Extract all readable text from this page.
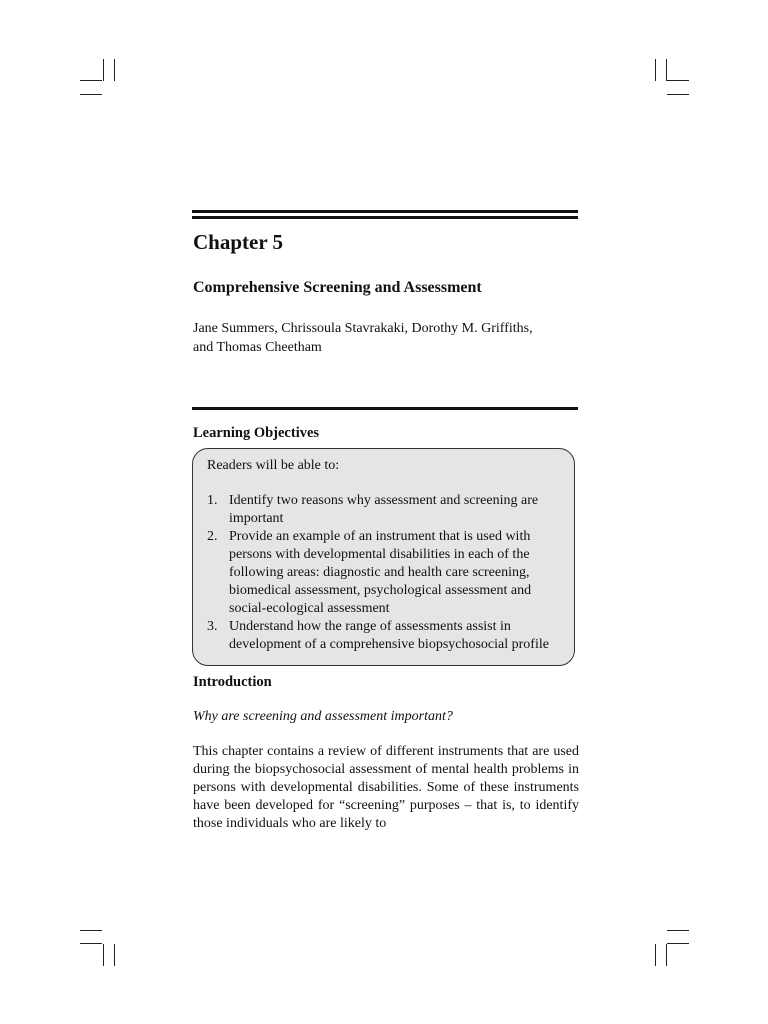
Chapter 5
Comprehensive Screening and Assessment
Jane Summers, Chrissoula Stavrakaki, Dorothy M. Griffiths,
and Thomas Cheetham
Learning Objectives

Readers will be able to:

1. Identify two reasons why assessment and screening are important
2. Provide an example of an instrument that is used with persons with developmental disabilities in each of the following areas: diagnostic and health care screening, biomedical assessment, psychological assessment and social-ecological assessment
3. Understand how the range of assessments assist in development of a comprehensive biopsychosocial profile
Introduction

Why are screening and assessment important?

This chapter contains a review of different instruments that are used during the biopsychosocial assessment of mental health problems in persons with developmental disabilities. Some of these instruments have been developed for “screening” purposes – that is, to identify those individuals who are likely to
